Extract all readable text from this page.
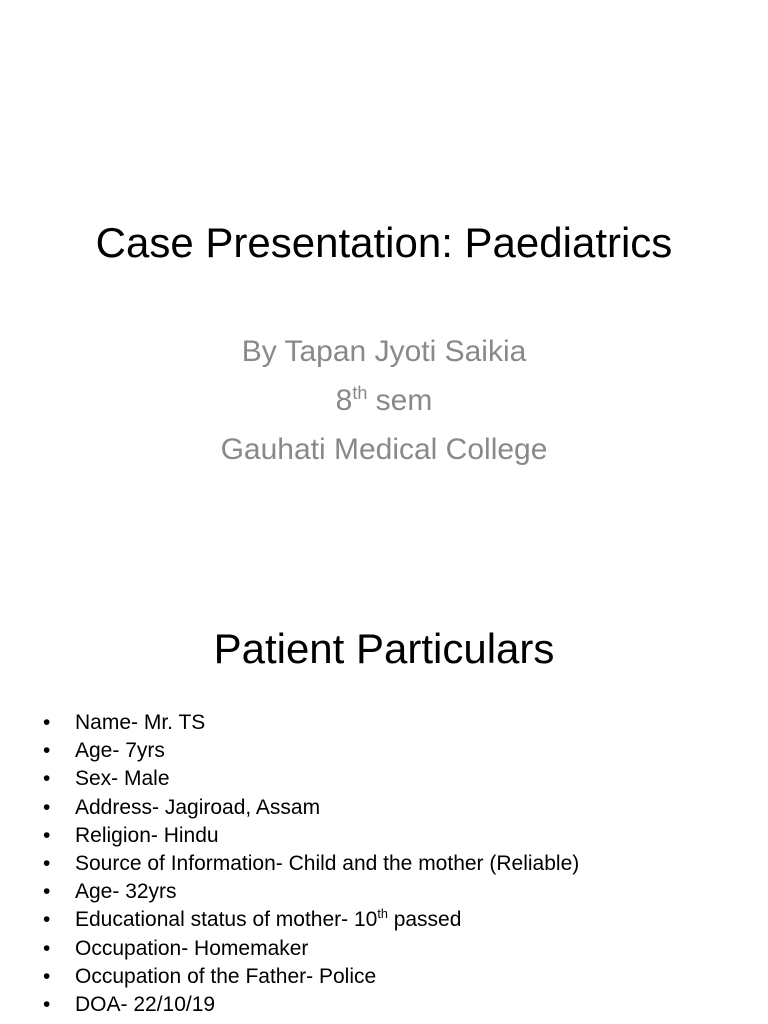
Case Presentation: Paediatrics
By Tapan Jyoti Saikia
8th sem
Gauhati Medical College
Patient Particulars
• Name- Mr. TS
• Age- 7yrs
• Sex- Male
• Address- Jagiroad, Assam
• Religion- Hindu
• Source of Information- Child and the mother (Reliable)
• Age- 32yrs
• Educational status of mother- 10th passed
• Occupation- Homemaker
• Occupation of the Father- Police
• DOA- 22/10/19
